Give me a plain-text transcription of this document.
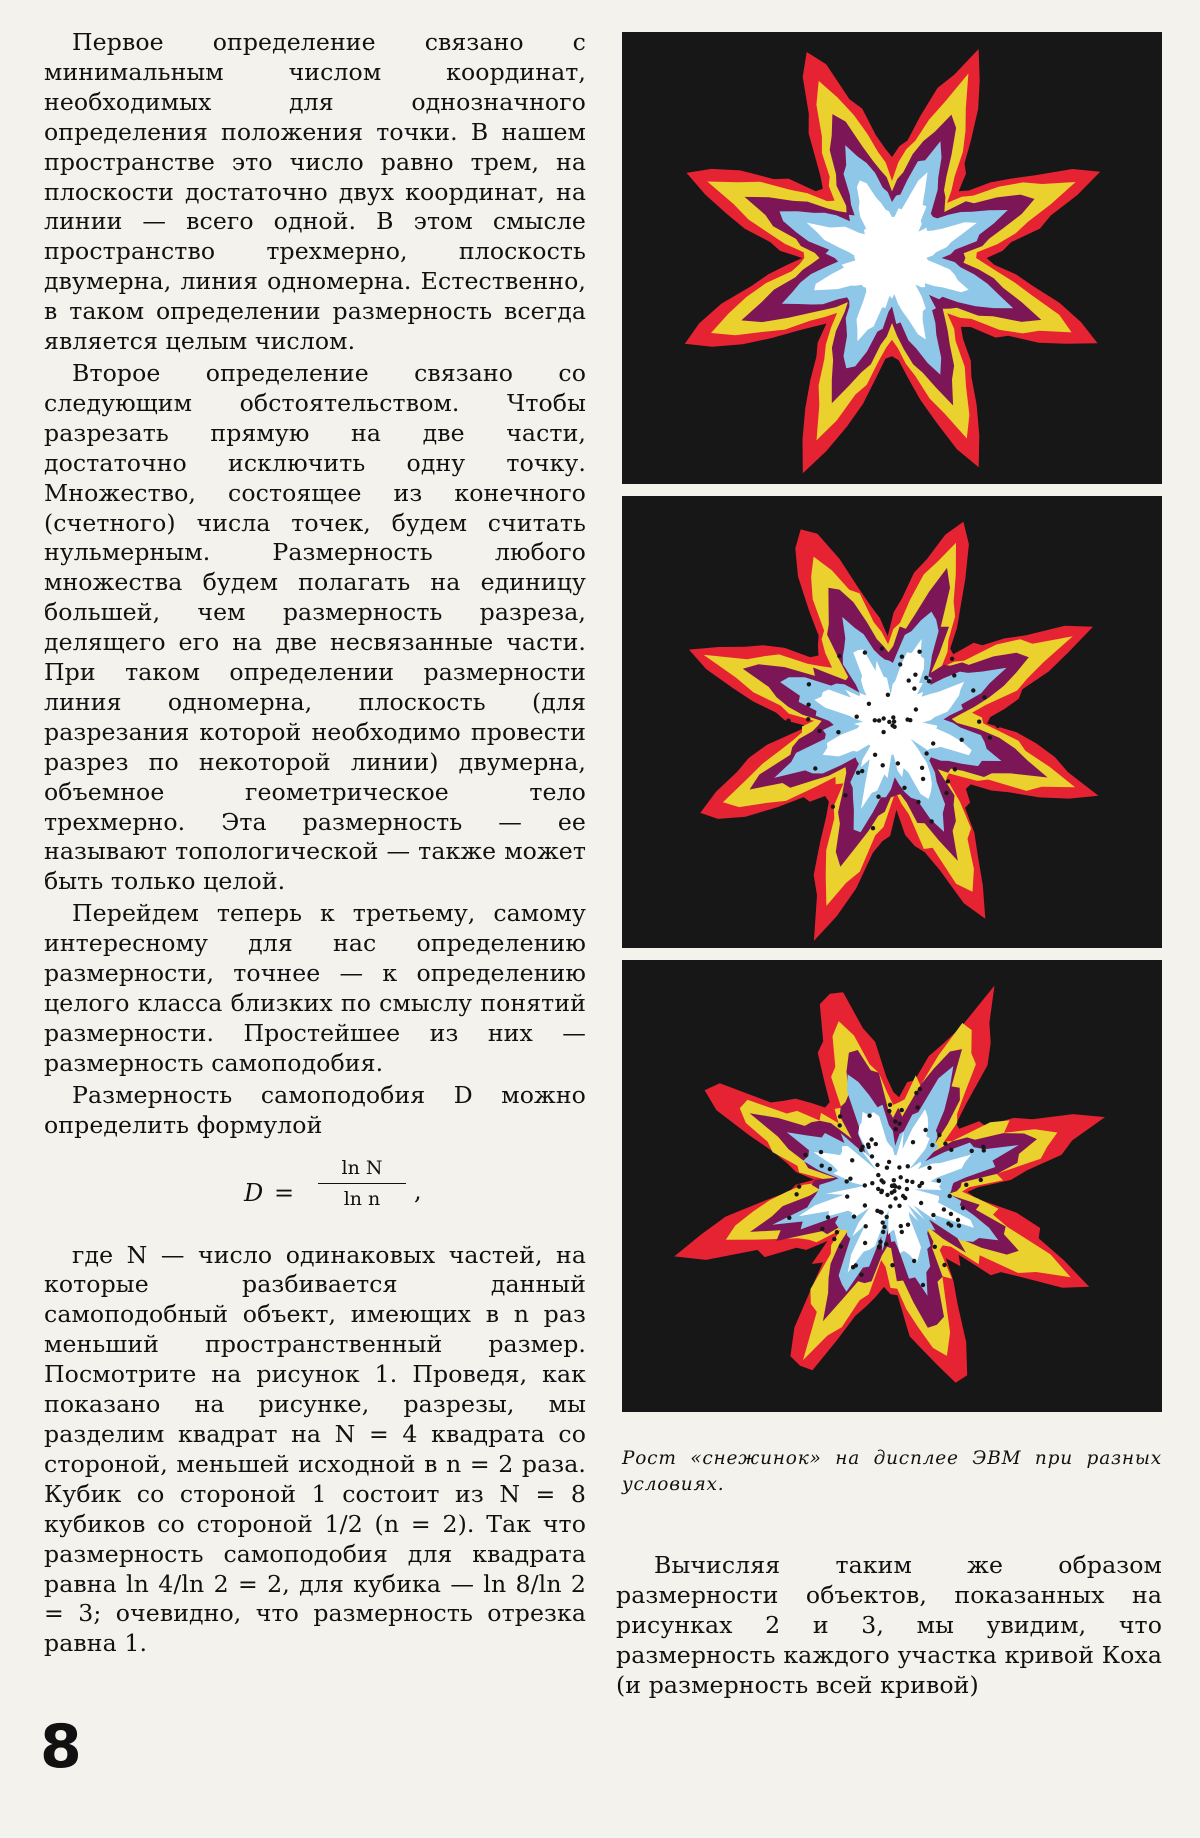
Первое определение связано с минимальным числом координат, необходимых для однозначного определения положения точки. В нашем пространстве это число равно трем, на плоскости достаточно двух координат, на линии — всего одной. В этом смысле пространство трехмерно, плоскость двумерна, линия одномерна. Естественно, в таком определении размерность всегда является целым числом.

Второе определение связано со следующим обстоятельством. Чтобы разрезать прямую на две части, достаточно исключить одну точку. Множество, состоящее из конечного (счетного) числа точек, будем считать нульмерным. Размерность любого множества будем полагать на единицу большей, чем размерность разреза, делящего его на две несвязанные части. При таком определении размерности линия одномерна, плоскость (для разрезания которой необходимо провести разрез по некоторой линии) двумерна, объемное геометрическое тело трехмерно. Эта размерность — ее называют топологической — также может быть только целой.

Перейдем теперь к третьему, самому интересному для нас определению размерности, точнее — к определению целого класса близких по смыслу понятий размерности. Простейшее из них — размерность самоподобия.

Размерность самоподобия D можно определить формулой

D =
ln N
ln n	,

где N — число одинаковых частей, на которые разбивается данный самоподобный объект, имеющих в n раз меньший пространственный размер. Посмотрите на рисунок 1. Проведя, как показано на рисунке, разрезы, мы разделим квадрат на N = 4 квадрата со стороной, меньшей исходной в n = 2 раза. Кубик со стороной 1 состоит из N = 8 кубиков со стороной 1/2 (n = 2). Так что размерность самоподобия для квадрата равна ln 4/ln 2 = 2, для кубика — ln 8/ln 2 = 3; очевидно, что размерность отрезка равна 1.

Рост «снежинок» на дисплее ЭВМ при разных условиях.

Вычисляя таким же образом размерности объектов, показанных на рисунках 2 и 3, мы увидим, что размерность каждого участка кривой Коха (и размерность всей кривой)

8
